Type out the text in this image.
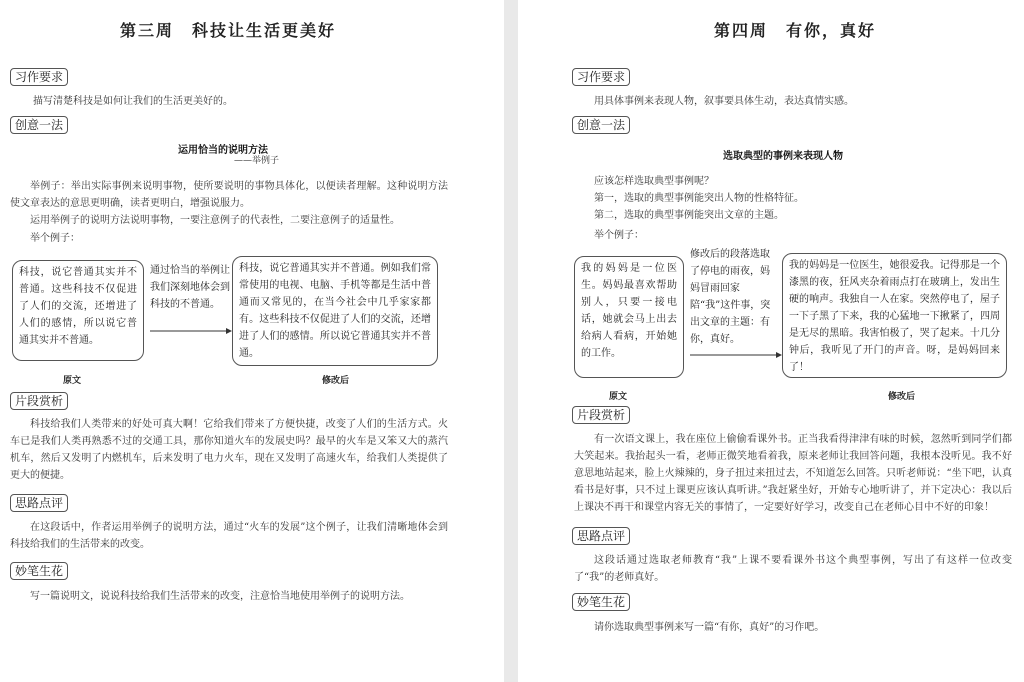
第三周　科技让生活更美好
习作要求
描写清楚科技是如何让我们的生活更美好的。
创意一法
运用恰当的说明方法
——举例子
举例子：举出实际事例来说明事物，使所要说明的事物具体化，以便读者理解。这种说明方法使文章表达的意思更明确，读者更明白，增强说服力。
运用举例子的说明方法说明事物，一要注意例子的代表性，二要注意例子的适量性。
举个例子：
科技，说它普通其实并不普通。这些科技不仅促进了人们的交流，还增进了人们的感情，所以说它普通其实并不普通。
通过恰当的举例让我们深刻地体会到科技的不普通。
科技，说它普通其实并不普通。例如我们常常使用的电视、电脑、手机等都是生活中普通而又常见的，在当今社会中几乎家家都有。这些科技不仅促进了人们的交流，还增进了人们的感情。所以说它普通其实并不普通。
原文	修改后
片段赏析
科技给我们人类带来的好处可真大啊！它给我们带来了方便快捷，改变了人们的生活方式。火车已是我们人类再熟悉不过的交通工具，那你知道火车的发展史吗？最早的火车是又笨又大的蒸汽机车，然后又发明了内燃机车，后来发明了电力火车，现在又发明了高速火车，给我们人类提供了更大的便捷。
思路点评
在这段话中，作者运用举例子的说明方法，通过“火车的发展”这个例子，让我们清晰地体会到科技给我们的生活带来的改变。
妙笔生花
写一篇说明文，说说科技给我们生活带来的改变，注意恰当地使用举例子的说明方法。
第四周　有你，真好
习作要求
用具体事例来表现人物，叙事要具体生动，表达真情实感。
创意一法
选取典型的事例来表现人物
应该怎样选取典型事例呢？
第一，选取的典型事例能突出人物的性格特征。
第二，选取的典型事例能突出文章的主题。
举个例子：
我的妈妈是一位医生。妈妈最喜欢帮助别人，只要一接电话，她就会马上出去给病人看病，开始她的工作。
修改后的段落选取了停电的雨夜，妈妈冒雨回家陪“我”这件事，突出文章的主题：有你，真好。
我的妈妈是一位医生，她很爱我。记得那是一个漆黑的夜，狂风夹杂着雨点打在玻璃上，发出生硬的响声。我独自一人在家。突然停电了，屋子一下子黑了下来，我的心猛地一下揪紧了，四周是无尽的黑暗。我害怕极了，哭了起来。十几分钟后，我听见了开门的声音。呀，是妈妈回来了！
原文	修改后
片段赏析
有一次语文课上，我在座位上偷偷看课外书。正当我看得津津有味的时候，忽然听到同学们都大笑起来。我抬起头一看，老师正微笑地看着我，原来老师让我回答问题，我根本没听见。我不好意思地站起来，脸上火辣辣的，身子扭过来扭过去，不知道怎么回答。只听老师说：“坐下吧，认真看书是好事，只不过上课更应该认真听讲。”我赶紧坐好，开始专心地听讲了，并下定决心：我以后上课决不再干和课堂内容无关的事情了，一定要好好学习，改变自己在老师心目中不好的印象！
思路点评
这段话通过选取老师教育“我”上课不要看课外书这个典型事例，写出了有这样一位改变了“我”的老师真好。
妙笔生花
请你选取典型事例来写一篇“有你，真好”的习作吧。
